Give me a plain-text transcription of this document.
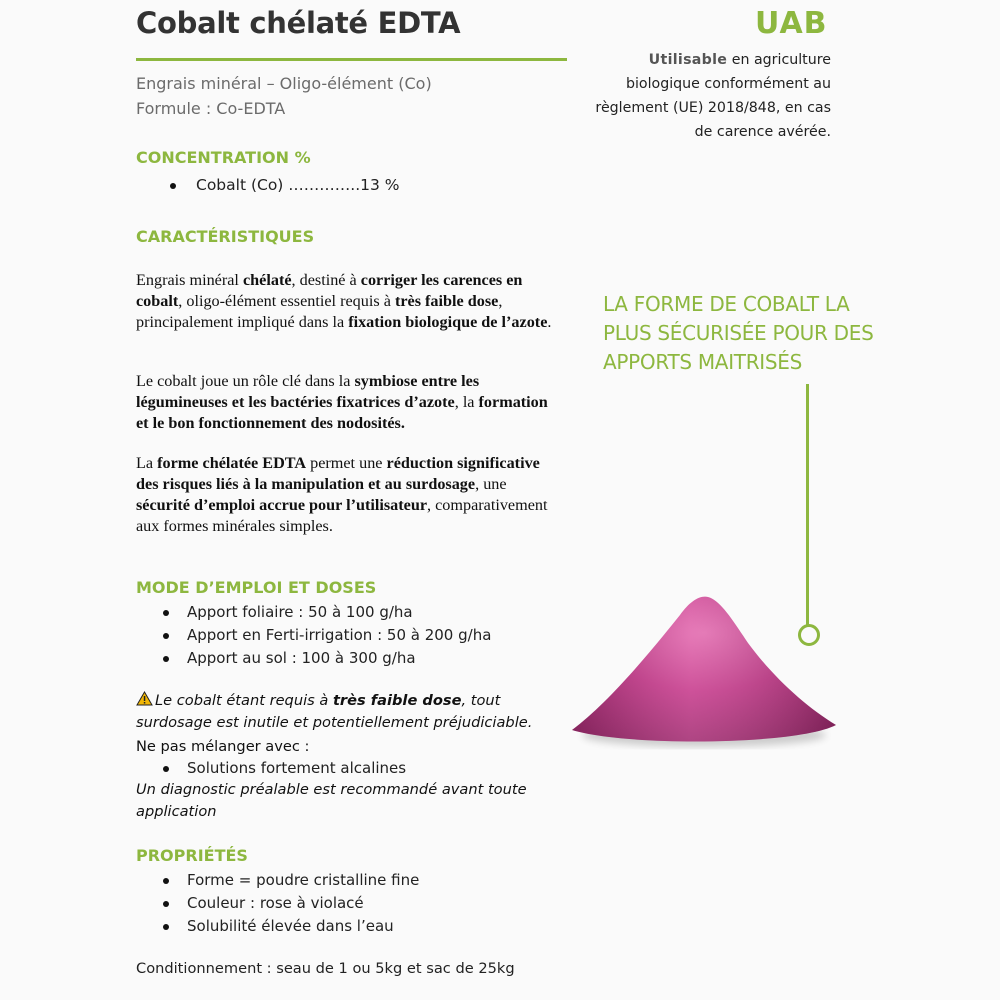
Cobalt chélaté EDTA
Engrais minéral – Oligo-élément (Co)
Formule : Co-EDTA
UAB
Utilisable en agriculture biologique conformément au règlement (UE) 2018/848, en cas de carence avérée.
CONCENTRATION %
Cobalt (Co) …………..13 %
CARACTÉRISTIQUES
Engrais minéral chélaté, destiné à corriger les carences en cobalt, oligo-élément essentiel requis à très faible dose, principalement impliqué dans la fixation biologique de l’azote.
Le cobalt joue un rôle clé dans la symbiose entre les légumineuses et les bactéries fixatrices d’azote, la formation et le bon fonctionnement des nodosités.
La forme chélatée EDTA permet une réduction significative des risques liés à la manipulation et au surdosage, une sécurité d’emploi accrue pour l’utilisateur, comparativement aux formes minérales simples.
MODE D’EMPLOI ET DOSES
Apport foliaire : 50 à 100 g/ha
Apport en Ferti-irrigation : 50 à 200 g/ha
Apport au sol : 100 à 300 g/ha
Le cobalt étant requis à très faible dose, tout surdosage est inutile et potentiellement préjudiciable.
Ne pas mélanger avec :
Solutions fortement alcalines
Un diagnostic préalable est recommandé avant toute application
PROPRIÉTÉS
Forme = poudre cristalline fine
Couleur : rose à violacé
Solubilité élevée dans l’eau
Conditionnement : seau de 1 ou 5kg et sac de 25kg
LA FORME DE COBALT LA PLUS SÉCURISÉE POUR DES APPORTS MAITRISÉS
